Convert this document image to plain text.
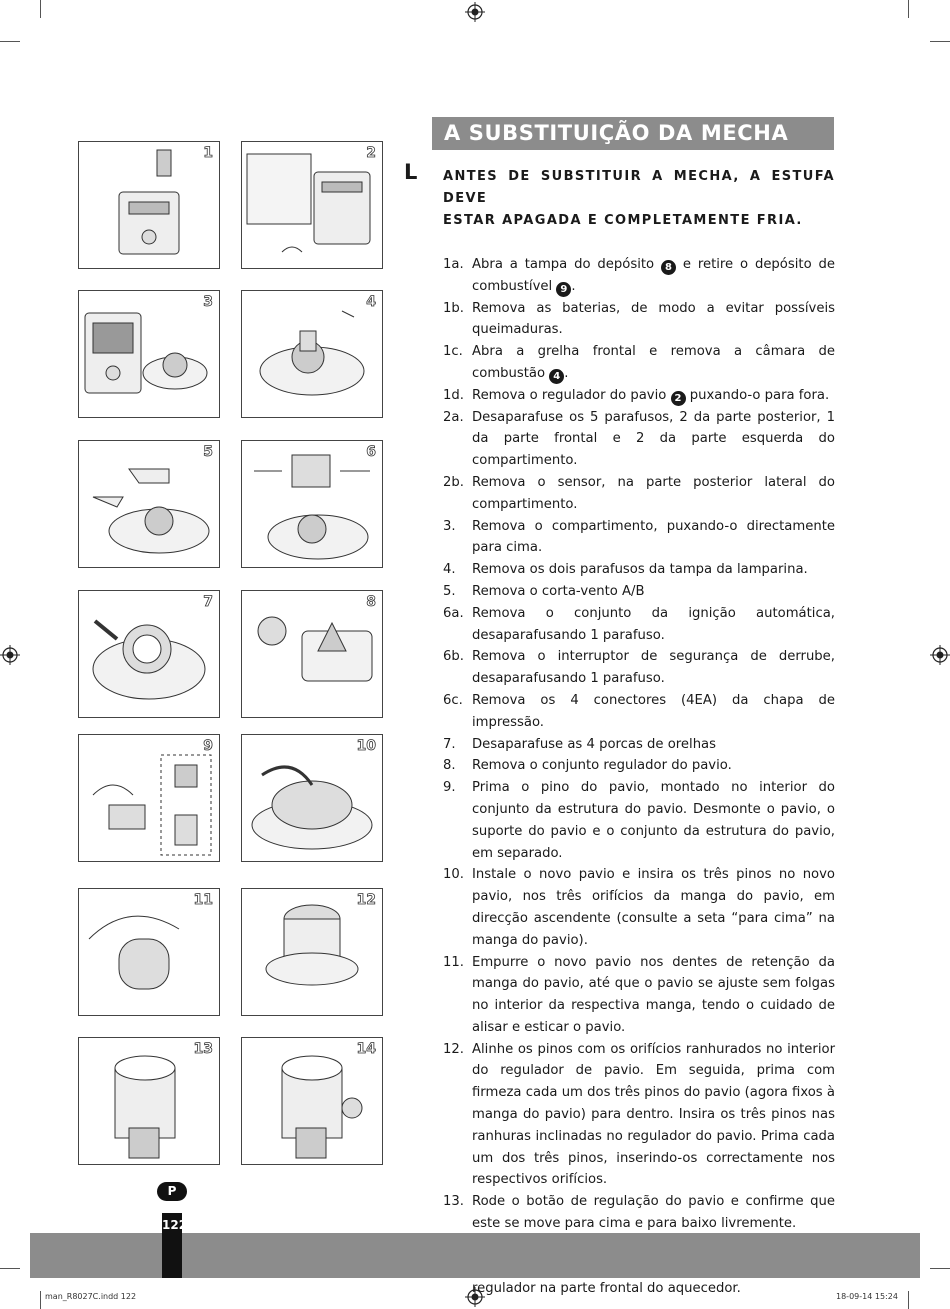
A SUBSTITUIÇÃO DA MECHA
L ANTES DE SUBSTITUIR A MECHA, A ESTUFA DEVE
ESTAR APAGADA E COMPLETAMENTE FRIA.
1a. Abra a tampa do depósito 8 e retire o depósito de combustível 9 .
1b. Remova as baterias, de modo a evitar possíveis queimaduras.
1c. Abra a grelha frontal e remova a câmara de combustão 4 .
1d. Remova o regulador do pavio 2 puxando-o para fora.
2a. Desaparafuse os 5 parafusos, 2 da parte posterior, 1 da parte frontal e 2 da parte esquerda do compartimento.
2b. Remova o sensor, na parte posterior lateral do compartimento.
3. Remova o compartimento, puxando-o directamente para cima.
4. Remova os dois parafusos da tampa da lamparina.
5. Remova o corta-vento A/B
6a. Remova o conjunto da ignição automática, desaparafusando 1 parafuso.
6b. Remova o interruptor de segurança de derrube, desaparafusando 1 parafuso.
6c. Remova os 4 conectores (4EA) da chapa de impressão.
7. Desaparafuse as 4 porcas de orelhas
8. Remova o conjunto regulador do pavio.
9. Prima o pino do pavio, montado no interior do conjunto da estrutura do pavio. Desmonte o pavio, o suporte do pavio e o conjunto da estrutura do pavio, em separado.
10. Instale o novo pavio e insira os três pinos no novo pavio, nos três orifícios da manga do pavio, em direcção ascendente (consulte a seta “para cima” na manga do pavio).
11. Empurre o novo pavio nos dentes de retenção da manga do pavio, até que o pavio se ajuste sem folgas no interior da respectiva manga, tendo o cuidado de alisar e esticar o pavio.
12. Alinhe os pinos com os orifícios ranhurados no interior do regulador de pavio. Em seguida, prima com firmeza cada um dos três pinos do pavio (agora fixos à manga do pavio) para dentro. Insira os três pinos nas ranhuras inclinadas no regulador do pavio. Prima cada um dos três pinos, inserindo-os correctamente nos respectivos orifícios.
13. Rode o botão de regulação do pavio e confirme que este se move para cima e para baixo livremente.
regulador na parte frontal do aquecedor.
1	2
3	4
5	6
7	8
9	10
11	12
13	14
P
122
man_R8027C.indd 122	18-09-14 15:24
